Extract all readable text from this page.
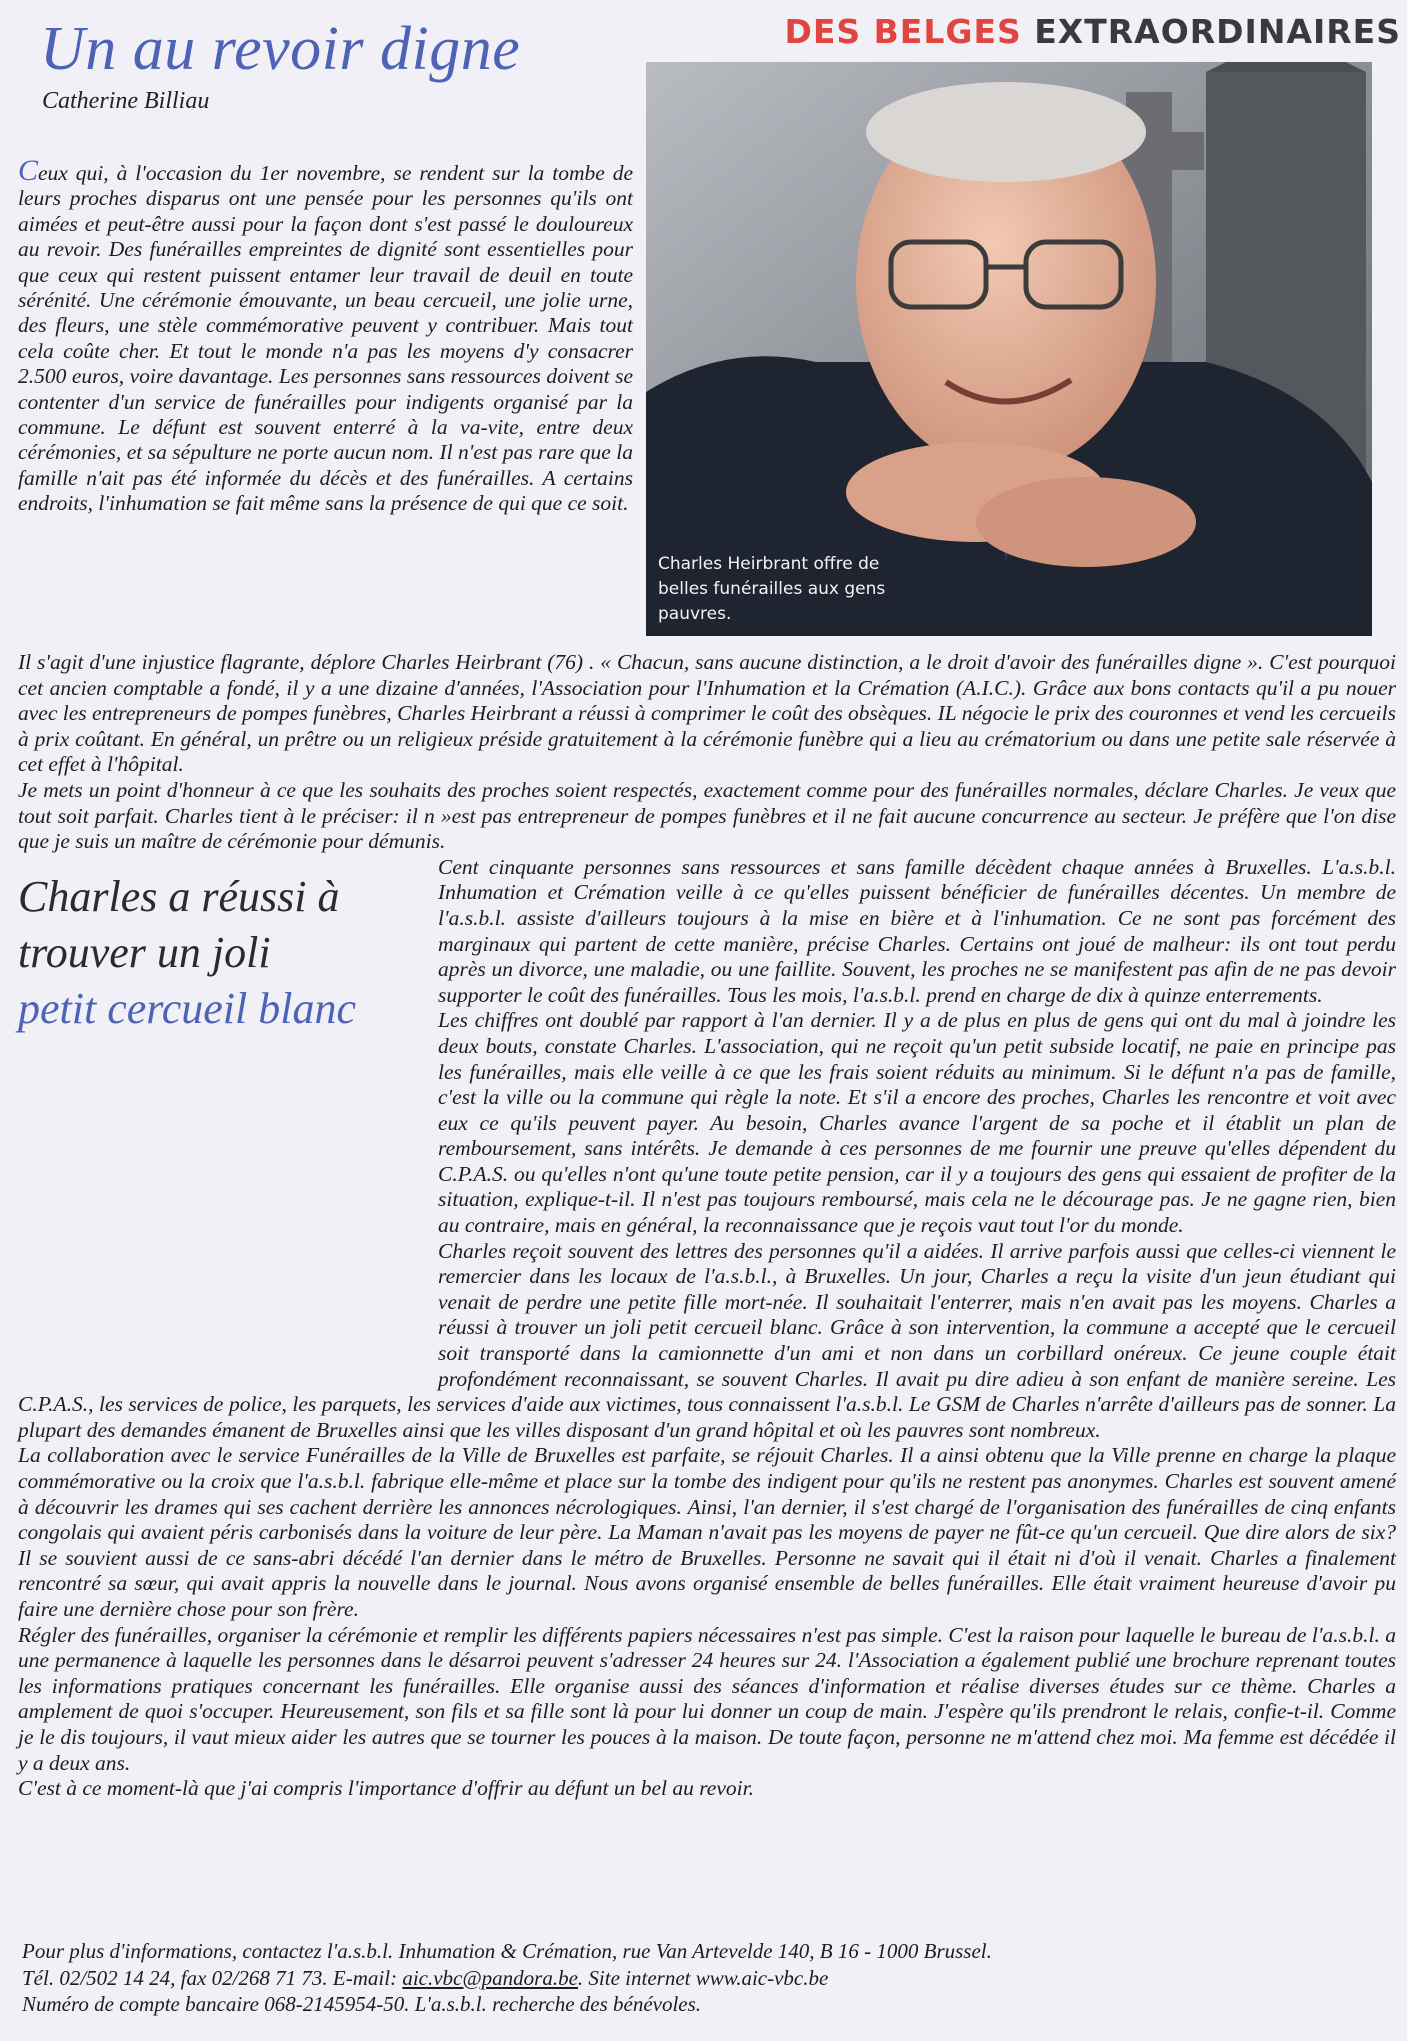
Un au revoir digne
Catherine Billiau
DES BELGES EXTRAORDINAIRES
Charles Heirbrant offre de belles funérailles aux gens pauvres.

Ceux qui, à l'occasion du 1er novembre, se rendent sur la tombe de leurs proches disparus ont une pensée pour les personnes qu'ils ont aimées et peut-être aussi pour la façon dont s'est passé le douloureux au revoir. Des funérailles empreintes de dignité sont essentielles pour que ceux qui restent puissent entamer leur travail de deuil en toute sérénité. Une cérémonie émouvante, un beau cercueil, une jolie urne, des fleurs, une stèle commémorative peuvent y contribuer. Mais tout cela coûte cher. Et tout le monde n'a pas les moyens d'y consacrer 2.500 euros, voire davantage. Les personnes sans ressources doivent se contenter d'un service de funérailles pour indigents organisé par la commune. Le défunt est souvent enterré à la va-vite, entre deux cérémonies, et sa sépulture ne porte aucun nom. Il n'est pas rare que la famille n'ait pas été informée du décès et des funérailles. A certains endroits, l'inhumation se fait même sans la présence de qui que ce soit.

Il s'agit d'une injustice flagrante, déplore Charles Heirbrant (76) . « Chacun, sans aucune distinction, a le droit d'avoir des funérailles digne ». C'est pourquoi cet ancien comptable a fondé, il y a une dizaine d'années, l'Association pour l'Inhumation et la Crémation (A.I.C.). Grâce aux bons contacts qu'il a pu nouer avec les entrepreneurs de pompes funèbres, Charles Heirbrant a réussi à comprimer le coût des obsèques. IL négocie le prix des couronnes et vend les cercueils à prix coûtant. En général, un prêtre ou un religieux préside gratuitement à la cérémonie funèbre qui a lieu au crématorium ou dans une petite sale réservée à cet effet à l'hôpital.

Je mets un point d'honneur à ce que les souhaits des proches soient respectés, exactement comme pour des funérailles normales, déclare Charles. Je veux que tout soit parfait. Charles tient à le préciser: il n »est pas entrepreneur de pompes funèbres et il ne fait aucune concurrence au secteur. Je préfère que l'on dise que je suis un maître de cérémonie pour démunis.

Charles a réussi à
trouver un joli
petit cercueil blanc

Cent cinquante personnes sans ressources et sans famille décèdent chaque années à Bruxelles. L'a.s.b.l. Inhumation et Crémation veille à ce qu'elles puissent bénéficier de funérailles décentes. Un membre de l'a.s.b.l. assiste d'ailleurs toujours à la mise en bière et à l'inhumation. Ce ne sont pas forcément des marginaux qui partent de cette manière, précise Charles. Certains ont joué de malheur: ils ont tout perdu après un divorce, une maladie, ou une faillite. Souvent, les proches ne se manifestent pas afin de ne pas devoir supporter le coût des funérailles. Tous les mois, l'a.s.b.l. prend en charge de dix à quinze enterrements.

Les chiffres ont doublé par rapport à l'an dernier. Il y a de plus en plus de gens qui ont du mal à joindre les deux bouts, constate Charles. L'association, qui ne reçoit qu'un petit subside locatif, ne paie en principe pas les funérailles, mais elle veille à ce que les frais soient réduits au minimum. Si le défunt n'a pas de famille, c'est la ville ou la commune qui règle la note. Et s'il a encore des proches, Charles les rencontre et voit avec eux ce qu'ils peuvent payer. Au besoin, Charles avance l'argent de sa poche et il établit un plan de remboursement, sans intérêts. Je demande à ces personnes de me fournir une preuve qu'elles dépendent du C.P.A.S. ou qu'elles n'ont qu'une toute petite pension, car il y a toujours des gens qui essaient de profiter de la situation, explique-t-il. Il n'est pas toujours remboursé, mais cela ne le décourage pas. Je ne gagne rien, bien au contraire, mais en général, la reconnaissance que je reçois vaut tout l'or du monde.

Charles reçoit souvent des lettres des personnes qu'il a aidées. Il arrive parfois aussi que celles-ci viennent le remercier dans les locaux de l'a.s.b.l., à Bruxelles. Un jour, Charles a reçu la visite d'un jeun étudiant qui venait de perdre une petite fille mort-née. Il souhaitait l'enterrer, mais n'en avait pas les moyens. Charles a réussi à trouver un joli petit cercueil blanc. Grâce à son intervention, la commune a accepté que le cercueil soit transporté dans la camionnette d'un ami et non dans un corbillard onéreux. Ce jeune couple était profondément reconnaissant, se souvent Charles. Il avait pu dire adieu à son enfant de manière sereine. Les C.P.A.S., les services de police, les parquets, les services d'aide aux victimes, tous connaissent l'a.s.b.l. Le GSM de Charles n'arrête d'ailleurs pas de sonner. La plupart des demandes émanent de Bruxelles ainsi que les villes disposant d'un grand hôpital et où les pauvres sont nombreux.

La collaboration avec le service Funérailles de la Ville de Bruxelles est parfaite, se réjouit Charles. Il a ainsi obtenu que la Ville prenne en charge la plaque commémorative ou la croix que l'a.s.b.l. fabrique elle-même et place sur la tombe des indigent pour qu'ils ne restent pas anonymes. Charles est souvent amené à découvrir les drames qui ses cachent derrière les annonces nécrologiques. Ainsi, l'an dernier, il s'est chargé de l'organisation des funérailles de cinq enfants congolais qui avaient péris carbonisés dans la voiture de leur père. La Maman n'avait pas les moyens de payer ne fût-ce qu'un cercueil. Que dire alors de six? Il se souvient aussi de ce sans-abri décédé l'an dernier dans le métro de Bruxelles. Personne ne savait qui il était ni d'où il venait. Charles a finalement rencontré sa sœur, qui avait appris la nouvelle dans le journal. Nous avons organisé ensemble de belles funérailles. Elle était vraiment heureuse d'avoir pu faire une dernière chose pour son frère.

Régler des funérailles, organiser la cérémonie et remplir les différents papiers nécessaires n'est pas simple. C'est la raison pour laquelle le bureau de l'a.s.b.l. a une permanence à laquelle les personnes dans le désarroi peuvent s'adresser 24 heures sur 24. l'Association a également publié une brochure reprenant toutes les informations pratiques concernant les funérailles. Elle organise aussi des séances d'information et réalise diverses études sur ce thème. Charles a amplement de quoi s'occuper. Heureusement, son fils et sa fille sont là pour lui donner un coup de main. J'espère qu'ils prendront le relais, confie-t-il. Comme je le dis toujours, il vaut mieux aider les autres que se tourner les pouces à la maison. De toute façon, personne ne m'attend chez moi. Ma femme est décédée il y a deux ans.

C'est à ce moment-là que j'ai compris l'importance d'offrir au défunt un bel au revoir.

Pour plus d'informations, contactez l'a.s.b.l. Inhumation & Crémation, rue Van Artevelde 140, B 16 - 1000 Brussel.
Tél. 02/502 14 24, fax 02/268 71 73. E-mail: aic.vbc@pandora.be. Site internet www.aic-vbc.be
Numéro de compte bancaire 068-2145954-50. L'a.s.b.l. recherche des bénévoles.
